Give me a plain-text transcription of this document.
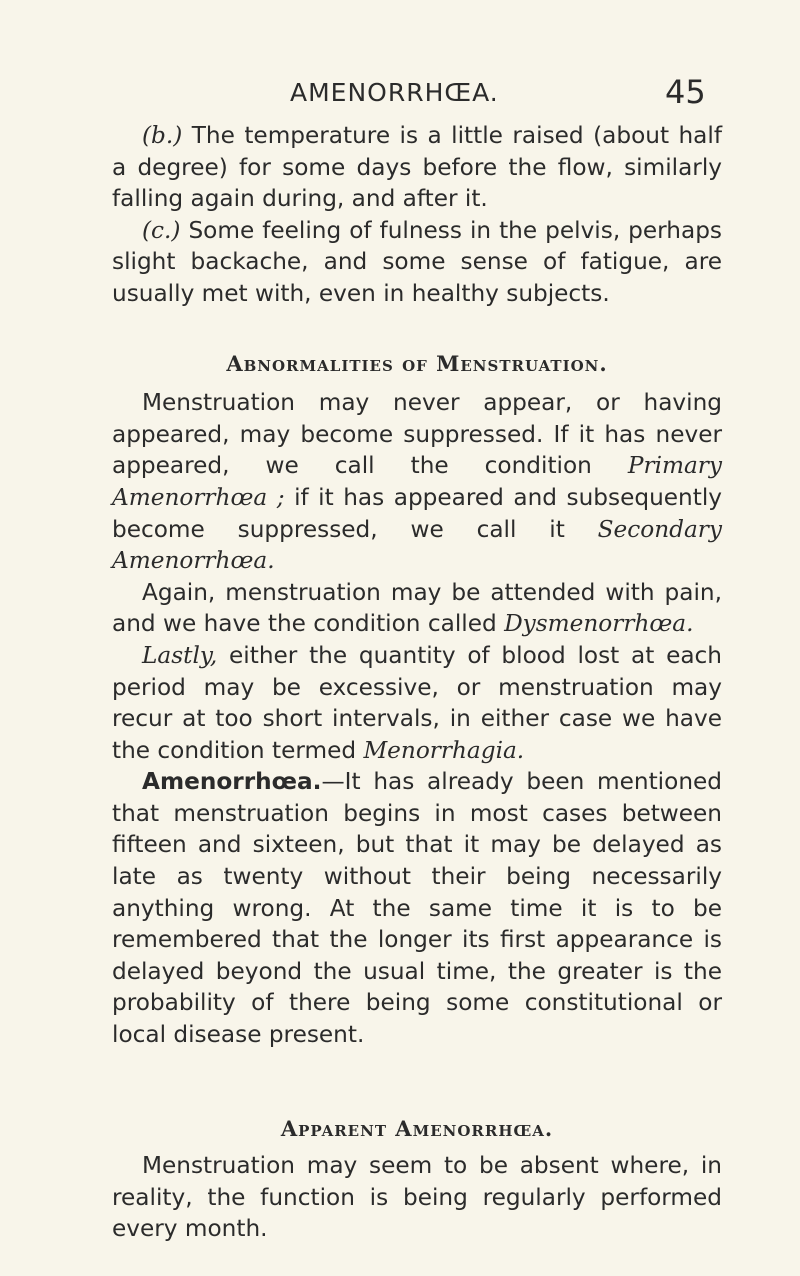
AMENORRHŒA.	45

(b.) The temperature is a little raised (about half a degree) for some days before the flow, similarly falling again during, and after it.

(c.) Some feeling of fulness in the pelvis, perhaps slight backache, and some sense of fatigue, are usually met with, even in healthy subjects.

Abnormalities of Menstruation.

Menstruation may never appear, or having appeared, may become suppressed. If it has never appeared, we call the condition Primary Amenorrhœa ; if it has appeared and subsequently become suppressed, we call it Secondary Amenorrhœa.

Again, menstruation may be attended with pain, and we have the condition called Dysmenorrhœa.

Lastly, either the quantity of blood lost at each period may be excessive, or menstruation may recur at too short intervals, in either case we have the condition termed Menorrhagia.

Amenorrhœa.—It has already been mentioned that menstruation begins in most cases between fifteen and sixteen, but that it may be delayed as late as twenty without their being necessarily anything wrong. At the same time it is to be remembered that the longer its first appearance is delayed beyond the usual time, the greater is the probability of there being some constitutional or local disease present.

Apparent Amenorrhœa.

Menstruation may seem to be absent where, in reality, the function is being regularly performed every month.
